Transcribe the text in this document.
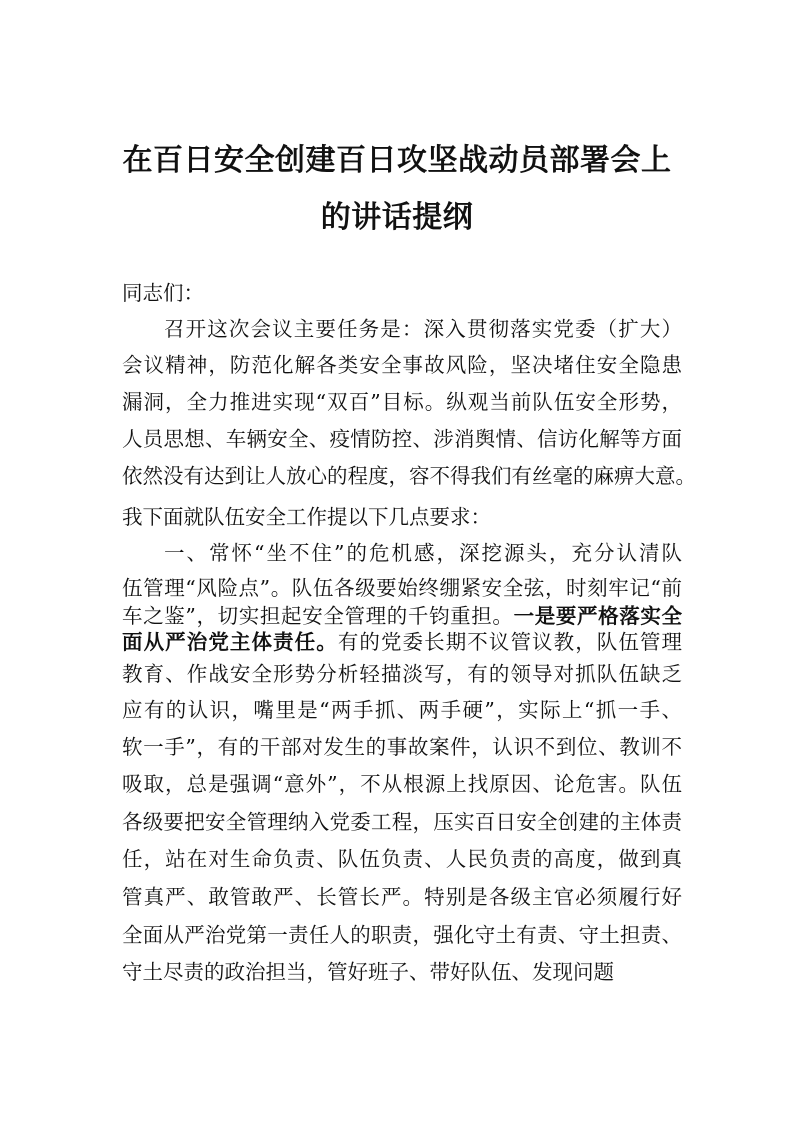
在百日安全创建百日攻坚战动员部署会上
的讲话提纲
同志们：
召开这次会议主要任务是：深入贯彻落实党委（扩大）
会议精神，防范化解各类安全事故风险，坚决堵住安全隐患
漏洞，全力推进实现“双百”目标。纵观当前队伍安全形势，
人员思想、车辆安全、疫情防控、涉消舆情、信访化解等方面
依然没有达到让人放心的程度，容不得我们有丝毫的麻痹大意。
我下面就队伍安全工作提以下几点要求：
一、常怀“坐不住”的危机感，深挖源头，充分认清队
伍管理“风险点”。队伍各级要始终绷紧安全弦，时刻牢记“前
车之鉴”，切实担起安全管理的千钧重担。一是要严格落实全
面从严治党主体责任。有的党委长期不议管议教，队伍管理
教育、作战安全形势分析轻描淡写，有的领导对抓队伍缺乏
应有的认识，嘴里是“两手抓、两手硬”，实际上“抓一手、
软一手”，有的干部对发生的事故案件，认识不到位、教训不
吸取，总是强调“意外”，不从根源上找原因、论危害。队伍
各级要把安全管理纳入党委工程，压实百日安全创建的主体责
任，站在对生命负责、队伍负责、人民负责的高度，做到真
管真严、敢管敢严、长管长严。特别是各级主官必须履行好
全面从严治党第一责任人的职责，强化守土有责、守土担责、
守土尽责的政治担当，管好班子、带好队伍、发现问题
